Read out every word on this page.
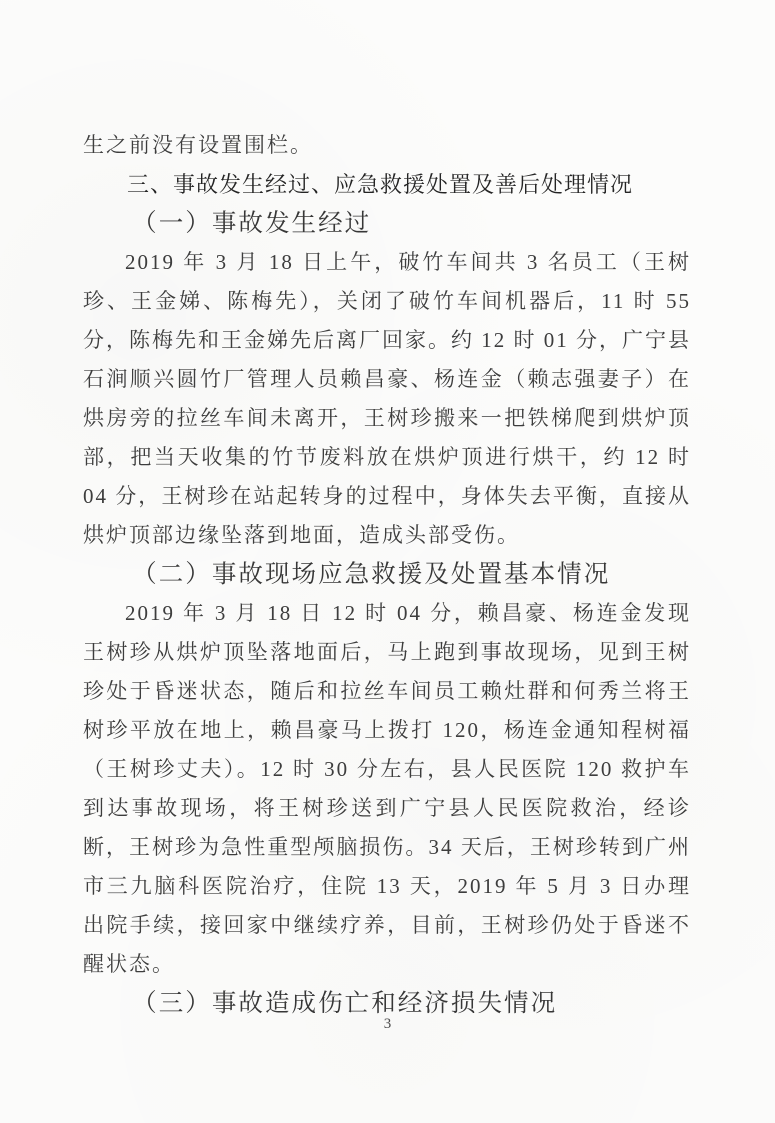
生之前没有设置围栏。

三、事故发生经过、应急救援处置及善后处理情况
（一）事故发生经过

2019 年 3 月 18 日上午，破竹车间共 3 名员工（王树珍、王金娣、陈梅先），关闭了破竹车间机器后，11 时 55 分，陈梅先和王金娣先后离厂回家。约 12 时 01 分，广宁县石涧顺兴圆竹厂管理人员赖昌豪、杨连金（赖志强妻子）在烘房旁的拉丝车间未离开，王树珍搬来一把铁梯爬到烘炉顶部，把当天收集的竹节废料放在烘炉顶进行烘干，约 12 时 04 分，王树珍在站起转身的过程中，身体失去平衡，直接从烘炉顶部边缘坠落到地面，造成头部受伤。

（二）事故现场应急救援及处置基本情况

2019 年 3 月 18 日 12 时 04 分，赖昌豪、杨连金发现王树珍从烘炉顶坠落地面后，马上跑到事故现场，见到王树珍处于昏迷状态，随后和拉丝车间员工赖灶群和何秀兰将王树珍平放在地上，赖昌豪马上拨打 120，杨连金通知程树福（王树珍丈夫）。12 时 30 分左右，县人民医院 120 救护车到达事故现场，将王树珍送到广宁县人民医院救治，经诊断，王树珍为急性重型颅脑损伤。34 天后，王树珍转到广州市三九脑科医院治疗，住院 13 天，2019 年 5 月 3 日办理出院手续，接回家中继续疗养，目前，王树珍仍处于昏迷不醒状态。

（三）事故造成伤亡和经济损失情况
3
